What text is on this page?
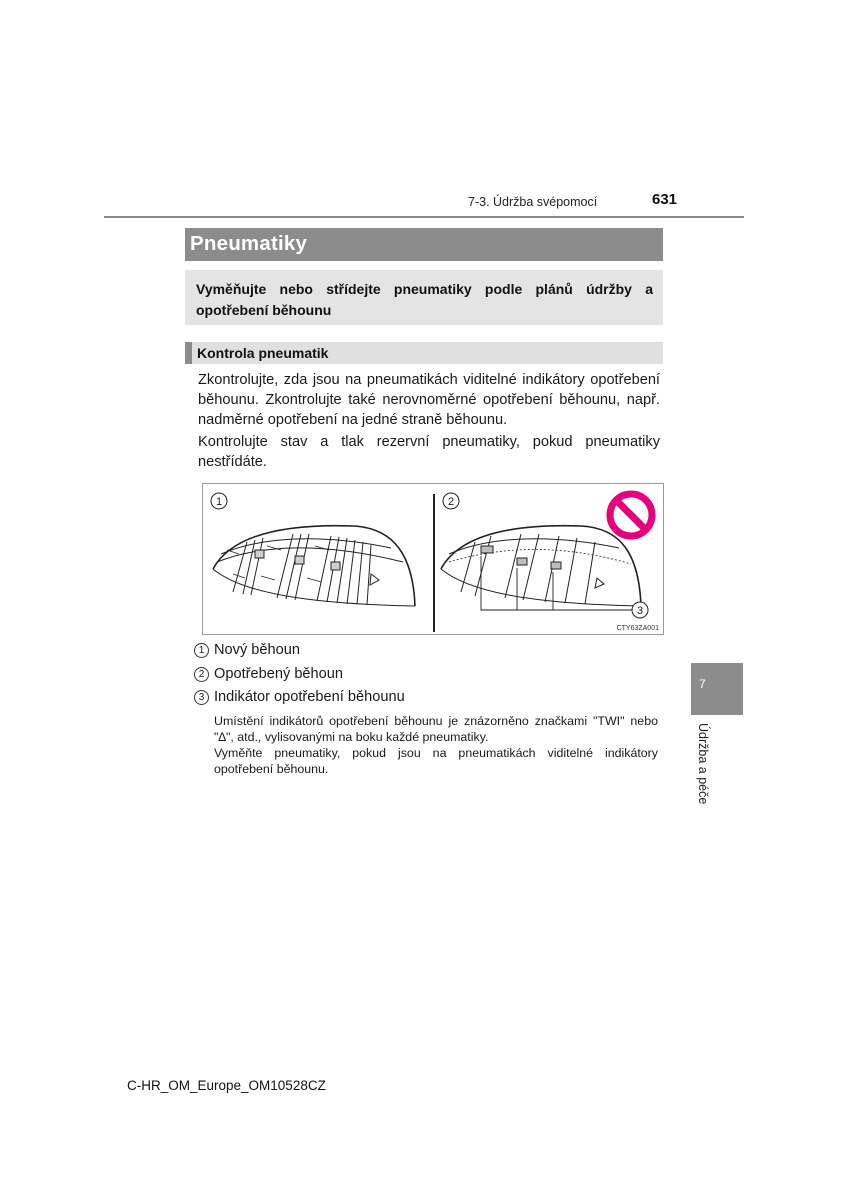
7-3. Údržba svépomocí	631
Pneumatiky
Vyměňujte nebo střídejte pneumatiky podle plánů údržby a opotřebení běhounu
Kontrola pneumatik
Zkontrolujte, zda jsou na pneumatikách viditelné indikátory opotřebení běhounu. Zkontrolujte také nerovnoměrné opotřebení běhounu, např. nadměrné opotřebení na jedné straně běhounu.
Kontrolujte stav a tlak rezervní pneumatiky, pokud pneumatiky nestřídáte.
1	2
3
CTY63ZA001
1 Nový běhoun
2 Opotřebený běhoun
3 Indikátor opotřebení běhounu
Umístění indikátorů opotřebení běhounu je znázorněno značkami "TWI" nebo "∆", atd., vylisovanými na boku každé pneumatiky.
Vyměňte pneumatiky, pokud jsou na pneumatikách viditelné indikátory opotřebení běhounu.
7
Údržba a péče
C-HR_OM_Europe_OM10528CZ
